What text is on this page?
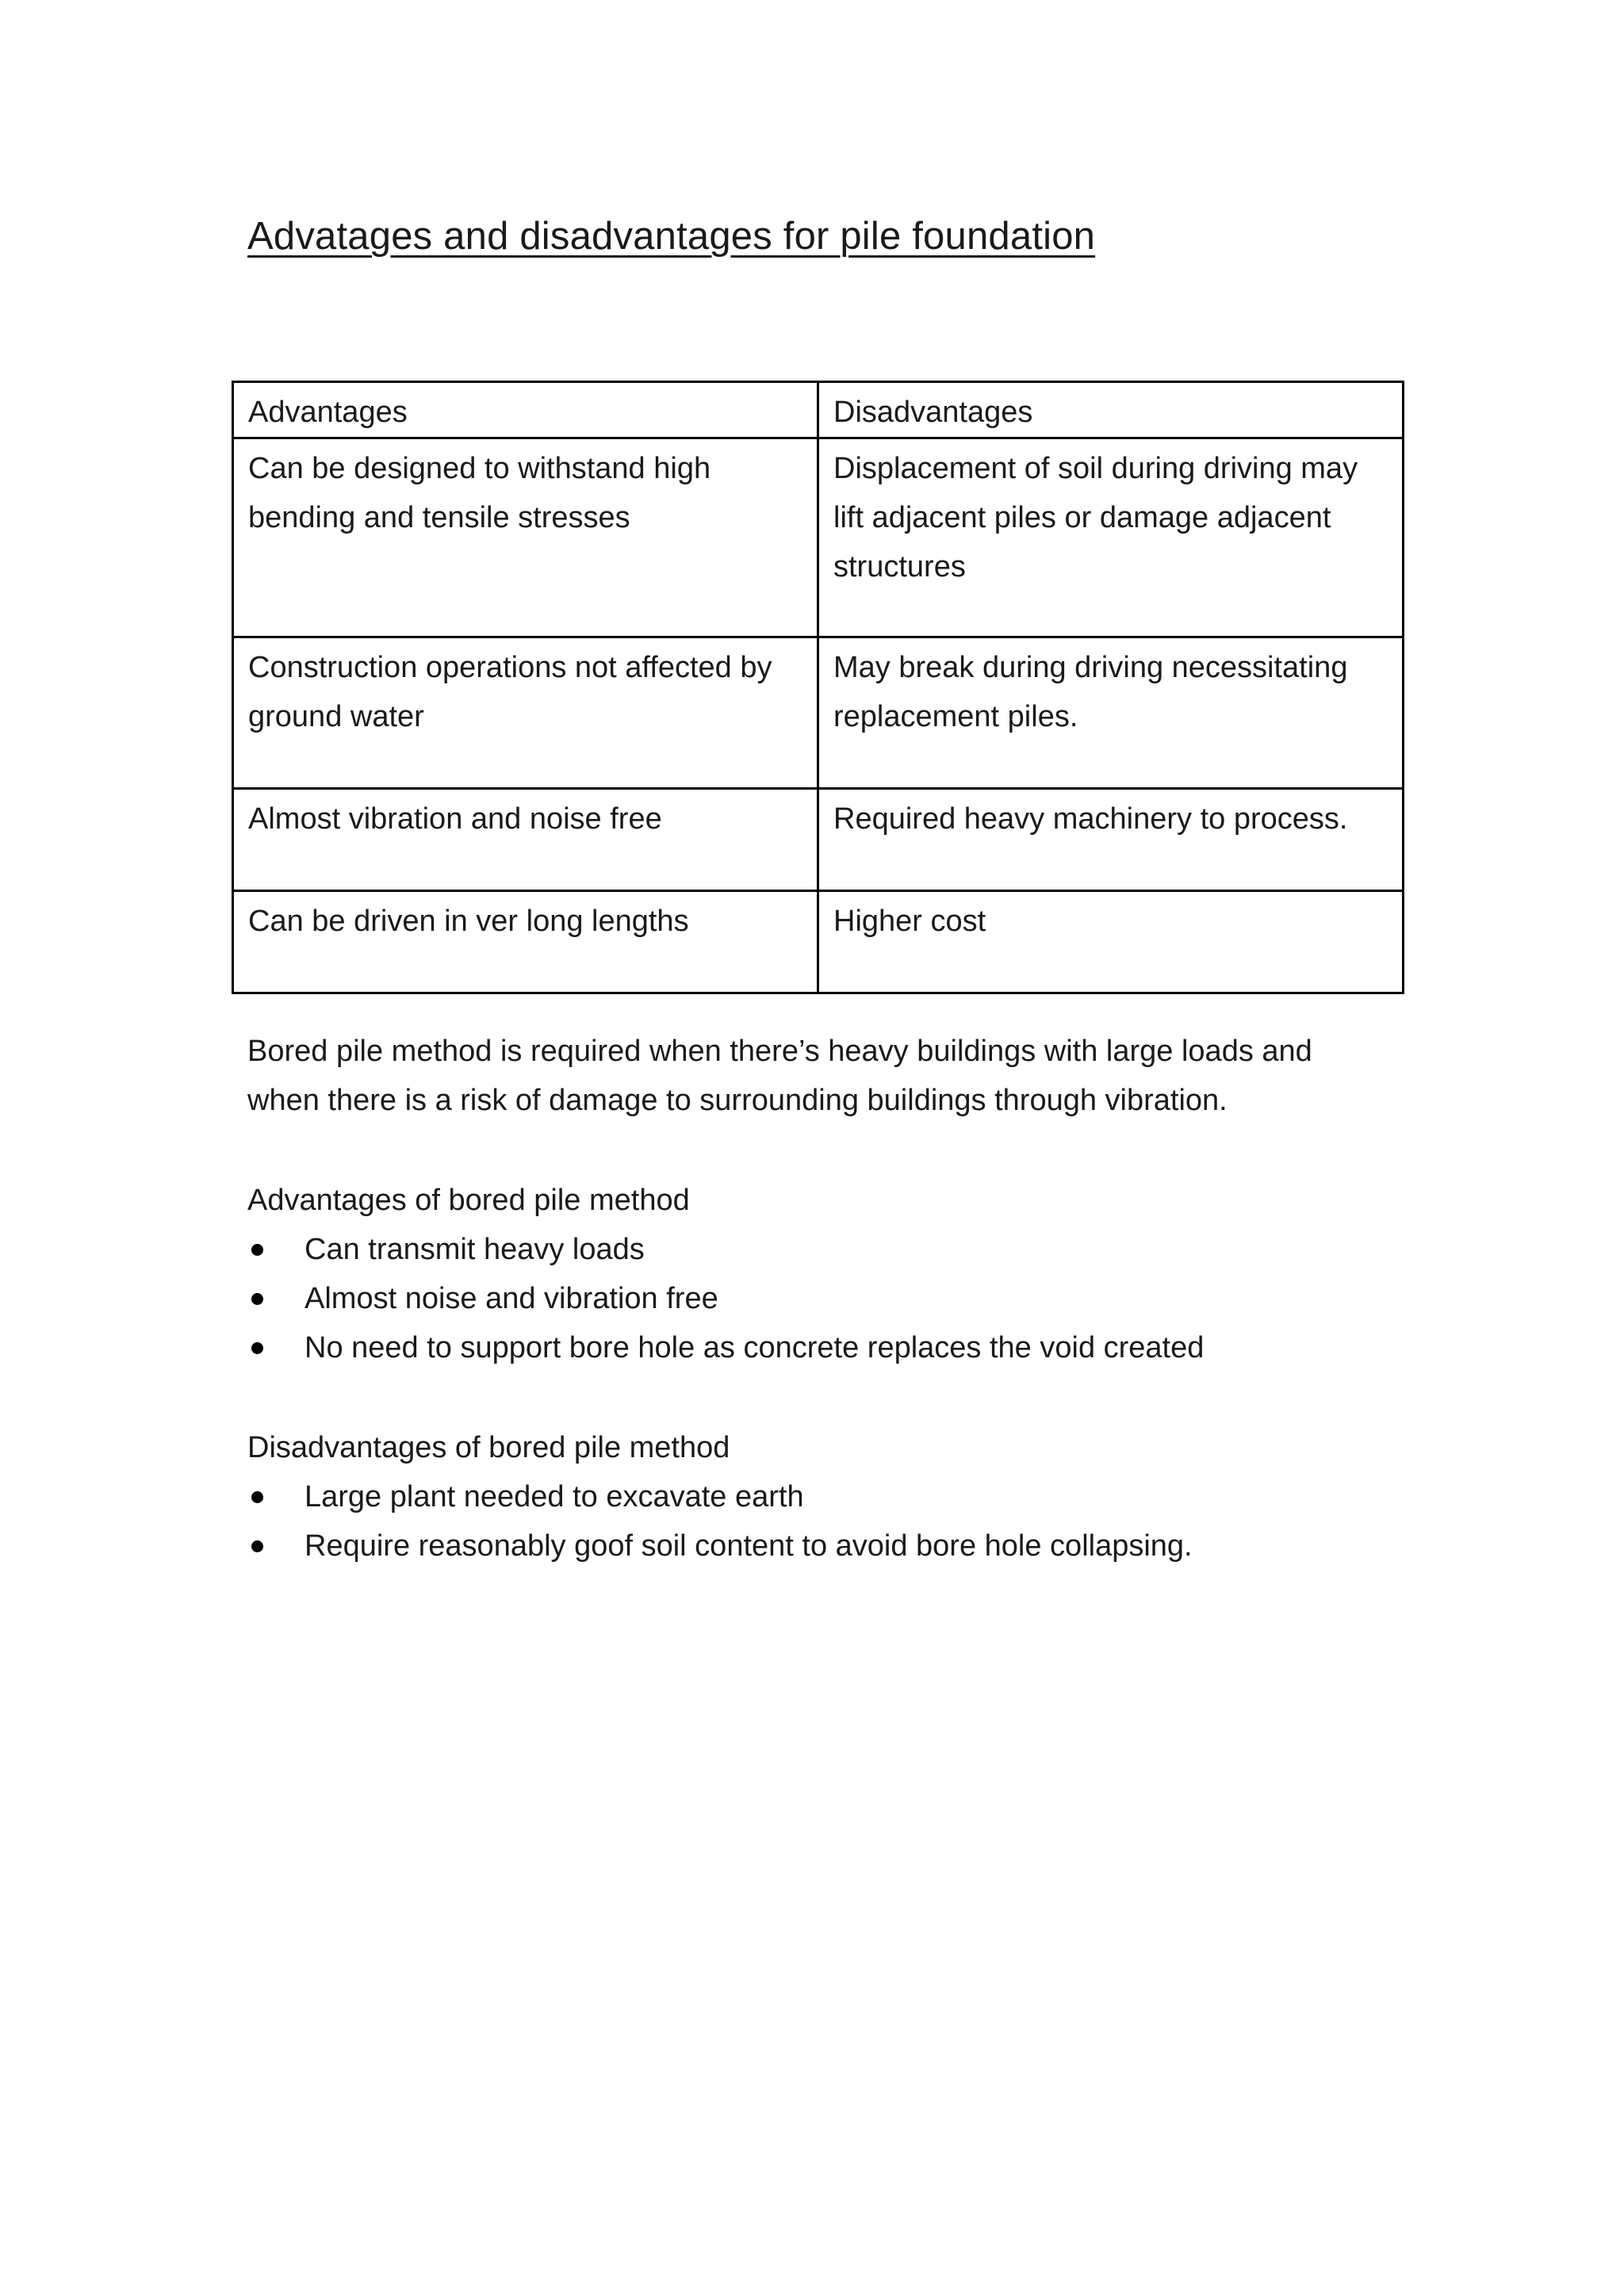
Advatages and disadvantages for pile foundation
Advantages	Disadvantages
Can be designed to withstand high bending and tensile stresses	Displacement of soil during driving may lift adjacent piles or damage adjacent structures
Construction operations not affected by ground water	May break during driving necessitating replacement piles.
Almost vibration and noise free	Required heavy machinery to process.
Can be driven in ver long lengths	Higher cost

Bored pile method is required when there’s heavy buildings with large loads and when there is a risk of damage to surrounding buildings through vibration.

Advantages of bored pile method

Can transmit heavy loads
Almost noise and vibration free
No need to support bore hole as concrete replaces the void created

Disadvantages of bored pile method

Large plant needed to excavate earth
Require reasonably goof soil content to avoid bore hole collapsing.
